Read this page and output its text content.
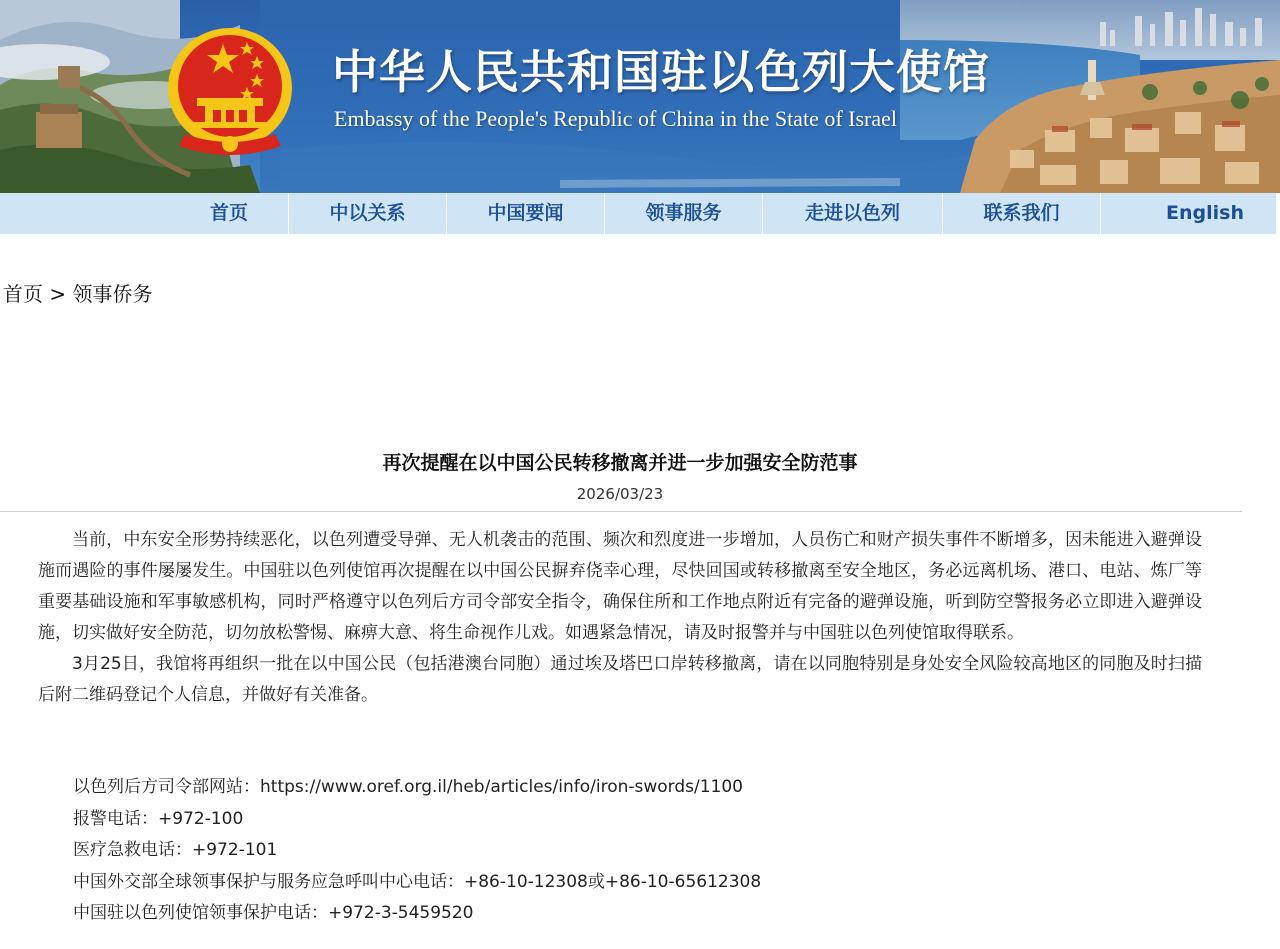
中华人民共和国驻以色列大使馆
Embassy of the People's Republic of China in the State of Israel
首页	中以关系	中国要闻	领事服务	走进以色列	联系我们	English
首页 > 领事侨务
再次提醒在以中国公民转移撤离并进一步加强安全防范事
2026/03/23

当前，中东安全形势持续恶化，以色列遭受导弹、无人机袭击的范围、频次和烈度进一步增加，人员伤亡和财产损失事件不断增多，因未能进入避弹设施而遇险的事件屡屡发生。中国驻以色列使馆再次提醒在以中国公民摒弃侥幸心理，尽快回国或转移撤离至安全地区，务必远离机场、港口、电站、炼厂等重要基础设施和军事敏感机构，同时严格遵守以色列后方司令部安全指令，确保住所和工作地点附近有完备的避弹设施，听到防空警报务必立即进入避弹设施，切实做好安全防范，切勿放松警惕、麻痹大意、将生命视作儿戏。如遇紧急情况，请及时报警并与中国驻以色列使馆取得联系。

3月25日，我馆将再组织一批在以中国公民（包括港澳台同胞）通过埃及塔巴口岸转移撤离，请在以同胞特别是身处安全风险较高地区的同胞及时扫描后附二维码登记个人信息，并做好有关准备。

以色列后方司令部网站：https://www.oref.org.il/heb/articles/info/iron-swords/1100
报警电话：+972-100
医疗急救电话：+972-101
中国外交部全球领事保护与服务应急呼叫中心电话：+86-10-12308或+86-10-65612308
中国驻以色列使馆领事保护电话：+972-3-5459520
